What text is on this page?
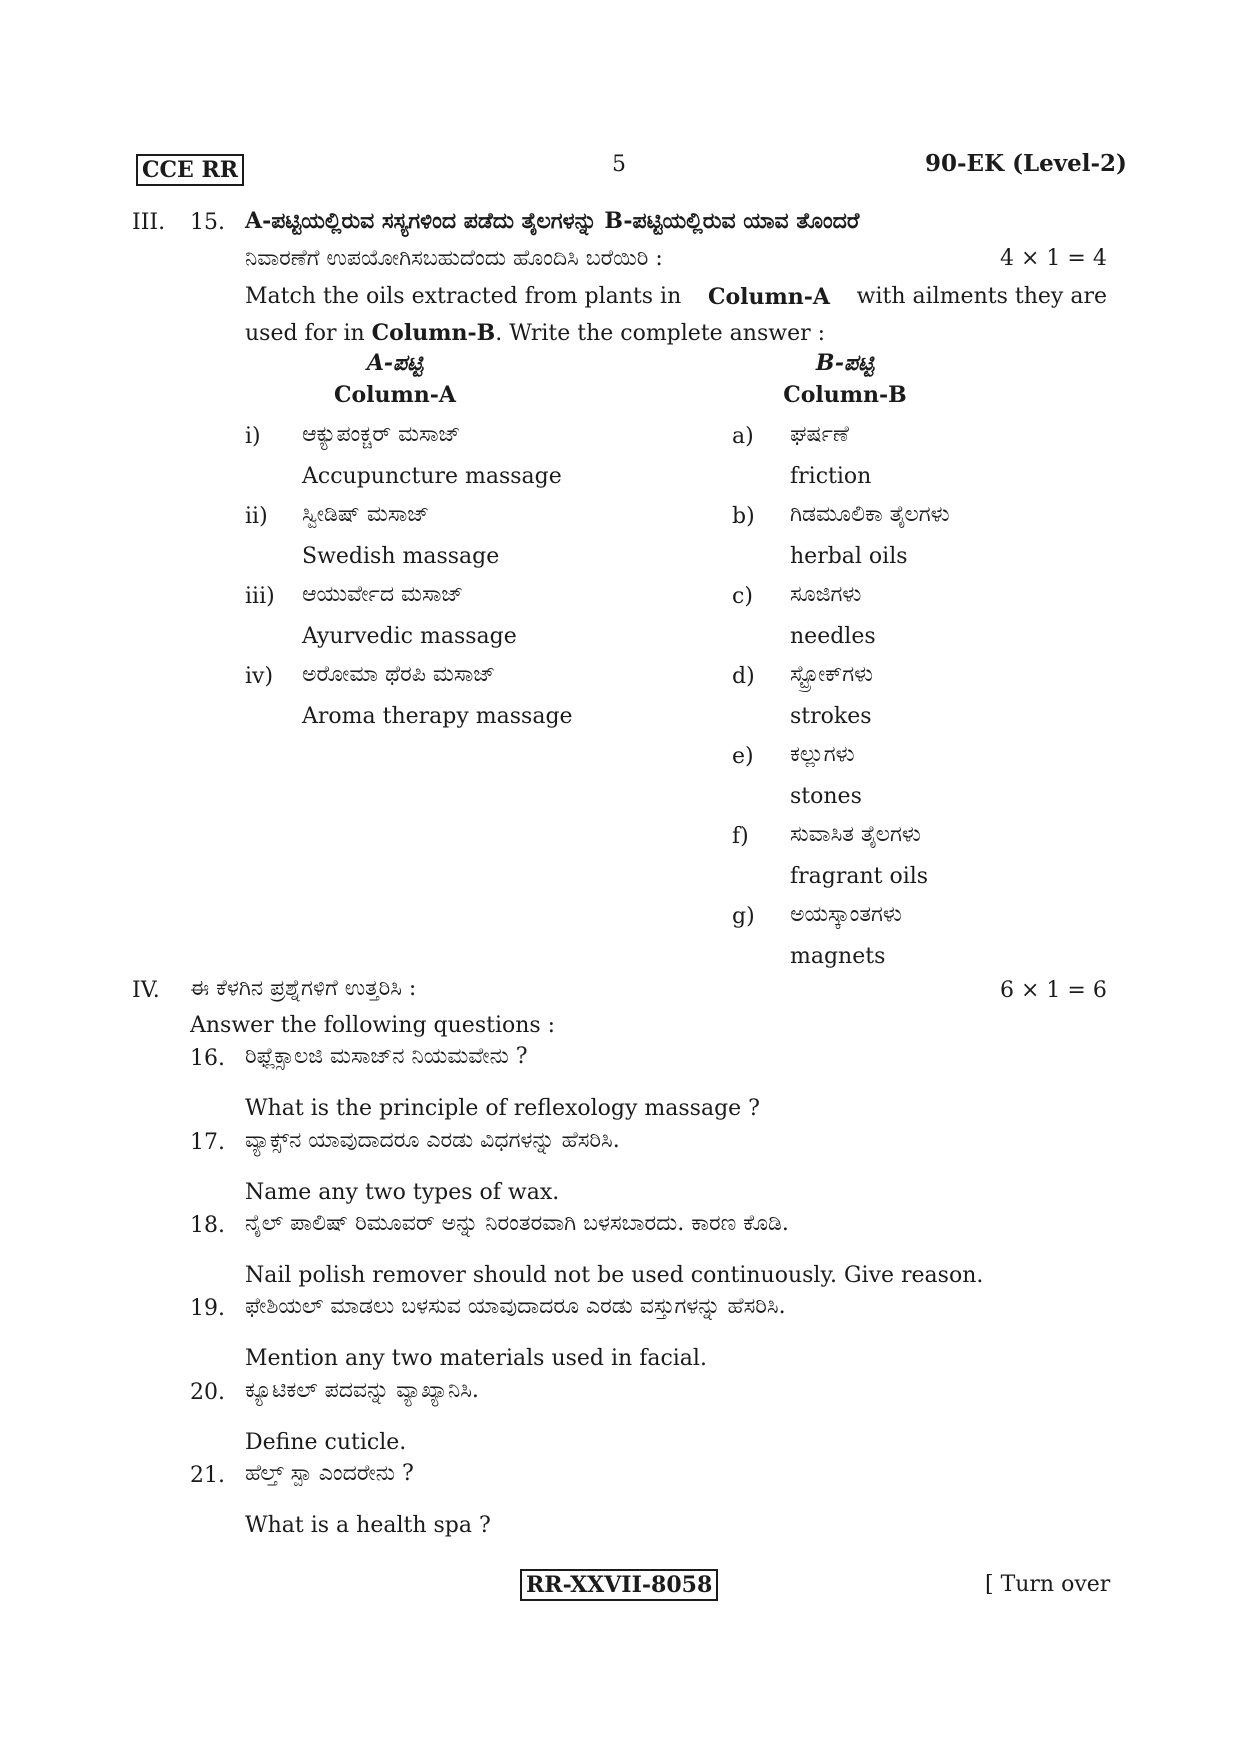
CCE RR	5	90-EK (Level-2)
III. 15. A-ಪಟ್ಟಿಯಲ್ಲಿರುವ ಸಸ್ಯಗಳಿಂದ ಪಡೆದು ತೈಲಗಳನ್ನು B-ಪಟ್ಟಿಯಲ್ಲಿರುವ ಯಾವ ತೊಂದರೆ
ನಿವಾರಣೆಗೆ ಉಪಯೋಗಿಸಬಹುದೆಂದು ಹೊಂದಿಸಿ ಬರೆಯಿರಿ :	4 × 1 = 4
Match the oils extracted from plants in Column-A with ailments they are
used for in Column-B. Write the complete answer :
A-ಪಟ್ಟಿ
Column-A
B-ಪಟ್ಟಿ
Column-B
i) ಆಕ್ಯುಪಂಕ್ಚರ್ ಮಸಾಜ್
Accupuncture massage
ii) ಸ್ವೀಡಿಷ್ ಮಸಾಜ್
Swedish massage
iii) ಆಯುರ್ವೇದ ಮಸಾಜ್
Ayurvedic massage
iv) ಅರೋಮಾ ಥೆರಪಿ ಮಸಾಜ್
Aroma therapy massage
a) ಘರ್ಷಣೆ
friction
b) ಗಿಡಮೂಲಿಕಾ ತೈಲಗಳು
herbal oils
c) ಸೂಜಿಗಳು
needles
d) ಸ್ಟ್ರೋಕ್‌ಗಳು
strokes
e) ಕಲ್ಲುಗಳು
stones
f) ಸುವಾಸಿತ ತೈಲಗಳು
fragrant oils
g) ಅಯಸ್ಕಾಂತಗಳು
magnets
IV. ಈ ಕೆಳಗಿನ ಪ್ರಶ್ನೆಗಳಿಗೆ ಉತ್ತರಿಸಿ :	6 × 1 = 6
Answer the following questions :
16. ರಿಫ್ಲೆಕ್ಸಾಲಜಿ ಮಸಾಜ್‌ನ ನಿಯಮವೇನು ?
What is the principle of reflexology massage ?
17. ವ್ಯಾಕ್ಸ್‌ನ ಯಾವುದಾದರೂ ಎರಡು ವಿಧಗಳನ್ನು ಹೆಸರಿಸಿ.
Name any two types of wax.
18. ನೈಲ್ ಪಾಲಿಷ್ ರಿಮೂವರ್ ಅನ್ನು ನಿರಂತರವಾಗಿ ಬಳಸಬಾರದು. ಕಾರಣ ಕೊಡಿ.
Nail polish remover should not be used continuously. Give reason.
19. ಫೇಶಿಯಲ್ ಮಾಡಲು ಬಳಸುವ ಯಾವುದಾದರೂ ಎರಡು ವಸ್ತುಗಳನ್ನು ಹೆಸರಿಸಿ.
Mention any two materials used in facial.
20. ಕ್ಯೂಟಿಕಲ್ ಪದವನ್ನು ವ್ಯಾಖ್ಯಾನಿಸಿ.
Define cuticle.
21. ಹೆಲ್ತ್ ಸ್ಪಾ ಎಂದರೇನು ?
What is a health spa ?
RR-XXVII-8058	[ Turn over
